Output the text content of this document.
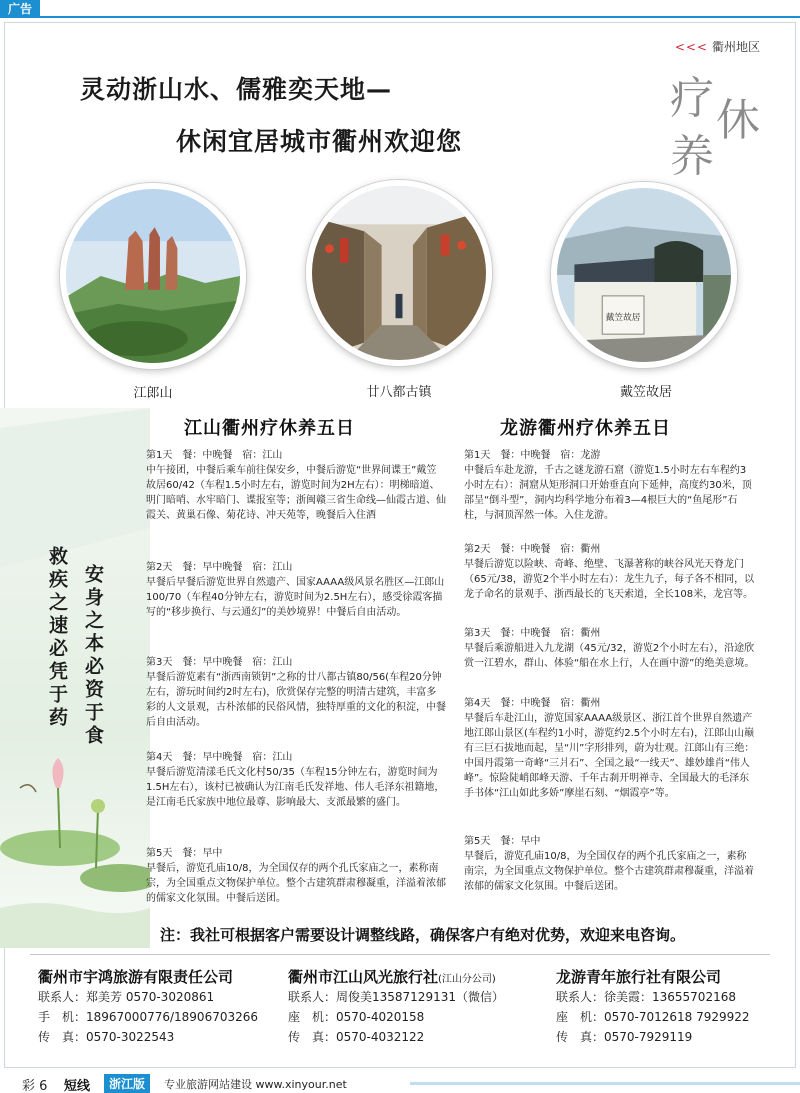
广告
<<< 衢州地区
灵动浙山水、儒雅奕天地—
休闲宜居城市衢州欢迎您
疗 休
养
江郎山	廿八都古镇
戴笠故居
戴笠故居
安身之本必资于食
救疾之速必凭于药
江山衢州疗休养五日
第1天　餐：中晚餐　宿：江山
中午接团，中餐后乘车前往保安乡，中餐后游览“世界间谍王”戴笠故居60/42（车程1.5小时左右，游览时间为2H左右）：明梯暗道、明门暗哨、水牢暗门、谍报室等；浙闽赣三省生命线—仙霞古道、仙霞关、黄巢石像、菊花诗、冲天苑等，晚餐后入住酒
第2天　餐：早中晚餐　宿：江山
早餐后早餐后游览世界自然遗产、国家AAAA级风景名胜区—江郎山100/70（车程40分钟左右，游览时间为2.5H左右），感受徐霞客描写的“移步换行、与云通幻”的美妙境界！中餐后自由活动。
第3天　餐：早中晚餐　宿：江山
早餐后游览素有“浙西南锁钥”之称的廿八都古镇80/56(车程20分钟左右，游玩时间约2时左右)，欣赏保存完整的明清古建筑，丰富多彩的人文景观，古朴浓郁的民俗风情，独特厚重的文化的积淀，中餐后自由活动。
第4天　餐：早中晚餐　宿：江山
早餐后游览清漾毛氏文化村50/35（车程15分钟左右，游览时间为1.5H左右），该村已被确认为江南毛氏发祥地、伟人毛泽东祖籍地，是江南毛氏家族中地位最尊、影响最大、支派最繁的盛门。
第5天　餐：早中
早餐后，游览孔庙10/8，为全国仅存的两个孔氏家庙之一，素称南宗，为全国重点文物保护单位。整个古建筑群肃穆凝重，洋溢着浓郁的儒家文化氛围。中餐后送团。
龙游衢州疗休养五日
第1天　餐：中晚餐　宿：龙游
中餐后车赴龙游，千古之谜龙游石窟（游览1.5小时左右车程约3小时左右）：洞窟从矩形洞口开始垂直向下延伸，高度约30米，顶部呈“倒斗型”，洞内均科学地分布着3—4根巨大的“鱼尾形”石柱，与洞顶浑然一体。入住龙游。
第2天　餐：中晚餐　宿：衢州
早餐后游览以险峡、奇峰、绝壁、飞瀑著称的峡谷风光天脊龙门（65元/38，游览2个半小时左右）：龙生九子，每子各不相同，以龙子命名的景观手、浙西最长的飞天索道，全长108米，龙宫等。
第3天　餐：中晚餐　宿：衢州
早餐后乘游船进入九龙湖（45元/32，游览2个小时左右），沿途欣赏一江碧水，群山、体验“船在水上行，人在画中游”的绝美意境。
第4天　餐：中晚餐　宿：衢州
早餐后车赴江山，游览国家AAAA级景区、浙江首个世界自然遗产地江郎山景区(车程约1小时，游览约2.5个小时左右)，江郎山山巅有三巨石拔地而起，呈“川”字形排列，蔚为壮观。江郎山有三绝：中国丹霞第一奇峰“三爿石”、全国之最“一线天”、雄妙雄肖“伟人峰”。惊险陡峭郎峰天游、千年古刹开明禅寺、全国最大的毛泽东手书体“江山如此多娇”摩崖石刻、“烟霞亭”等。
第5天　餐：早中
早餐后，游览孔庙10/8，为全国仅存的两个孔氏家庙之一，素称南宗，为全国重点文物保护单位。整个古建筑群肃穆凝重，洋溢着浓郁的儒家文化氛围。中餐后送团。
注：我社可根据客户需要设计调整线路，确保客户有绝对优势，欢迎来电咨询。
衢州市宇鸿旅游有限责任公司
联系人：郑美芳 0570-3020861
手　机：18967000776/18906703266
传　真：0570-3022543
衢州市江山风光旅行社(江山分公司)
联系人：周俊美13587129131（微信）
座　机：0570-4020158
传　真：0570-4032122
龙游青年旅行社有限公司
联系人：徐美霞：13655702168
座　机：0570-7012618 7929922
传　真：0570-7929119
彩 6 短线	浙江版	专业旅游网站建设 www.xinyour.net
